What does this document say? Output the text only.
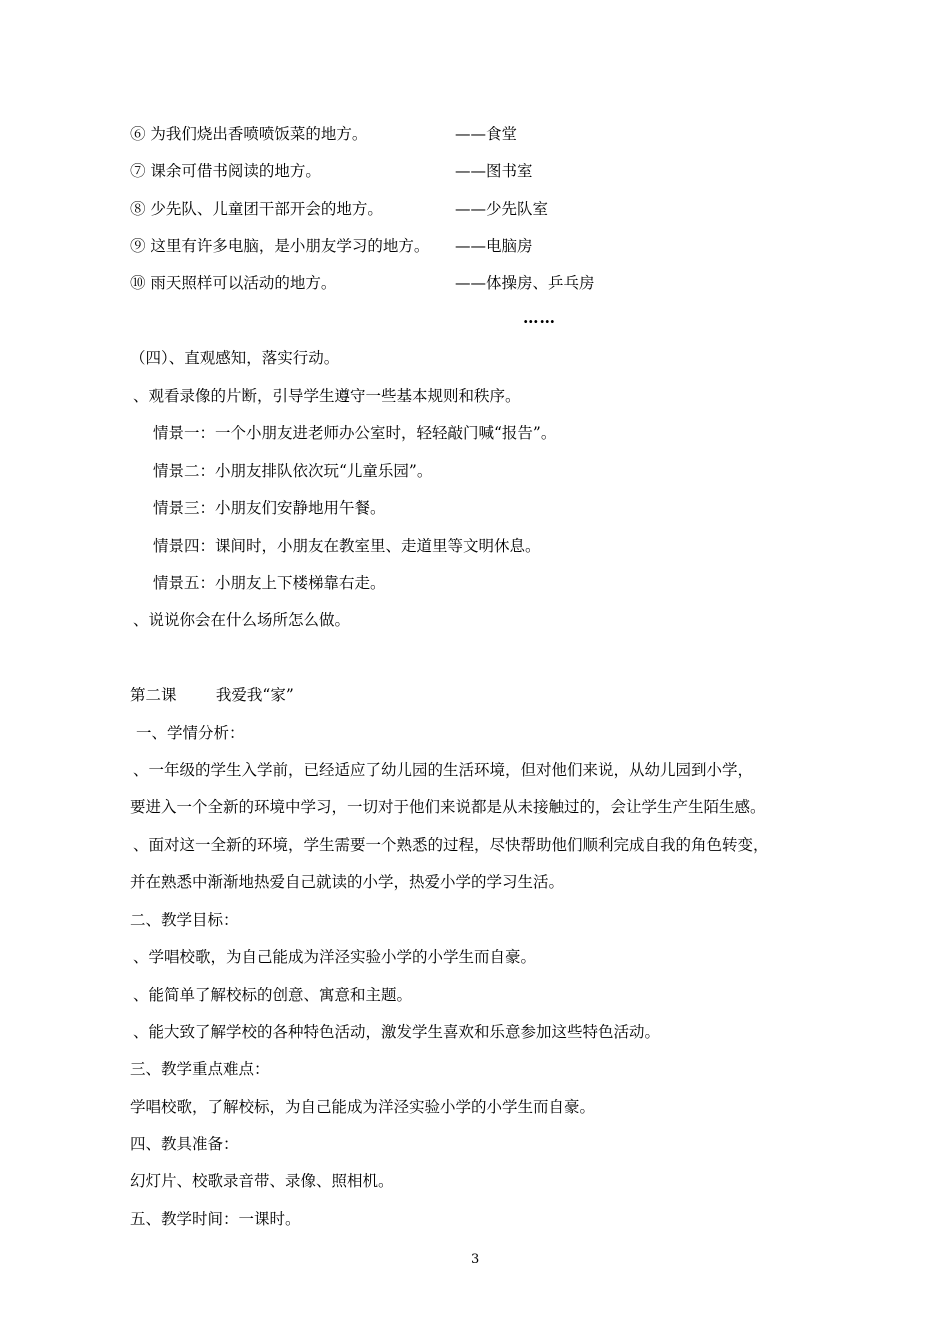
⑥ 为我们烧出香喷喷饭菜的地方。	——食堂
⑦ 课余可借书阅读的地方。	——图书室
⑧ 少先队、儿童团干部开会的地方。	——少先队室
⑨ 这里有许多电脑，是小朋友学习的地方。 ——电脑房
⑩ 雨天照样可以活动的地方。	——体操房、乒乓房
……
（四）、直观感知，落实行动。
、观看录像的片断，引导学生遵守一些基本规则和秩序。
情景一：一个小朋友进老师办公室时，轻轻敲门喊“报告”。
情景二：小朋友排队依次玩“儿童乐园”。
情景三：小朋友们安静地用午餐。
情景四：课间时，小朋友在教室里、走道里等文明休息。
情景五：小朋友上下楼梯靠右走。
、说说你会在什么场所怎么做。
第二课        我爱我“家”
一、学情分析：
、一年级的学生入学前，已经适应了幼儿园的生活环境，但对他们来说，从幼儿园到小学，
要进入一个全新的环境中学习，一切对于他们来说都是从未接触过的，会让学生产生陌生感。
、面对这一全新的环境，学生需要一个熟悉的过程，尽快帮助他们顺利完成自我的角色转变，
并在熟悉中渐渐地热爱自己就读的小学，热爱小学的学习生活。
二、教学目标：
、学唱校歌，为自己能成为洋泾实验小学的小学生而自豪。
、能简单了解校标的创意、寓意和主题。
、能大致了解学校的各种特色活动，激发学生喜欢和乐意参加这些特色活动。
三、教学重点难点：
学唱校歌，了解校标，为自己能成为洋泾实验小学的小学生而自豪。
四、教具准备：
幻灯片、校歌录音带、录像、照相机。
五、教学时间：一课时。
3
